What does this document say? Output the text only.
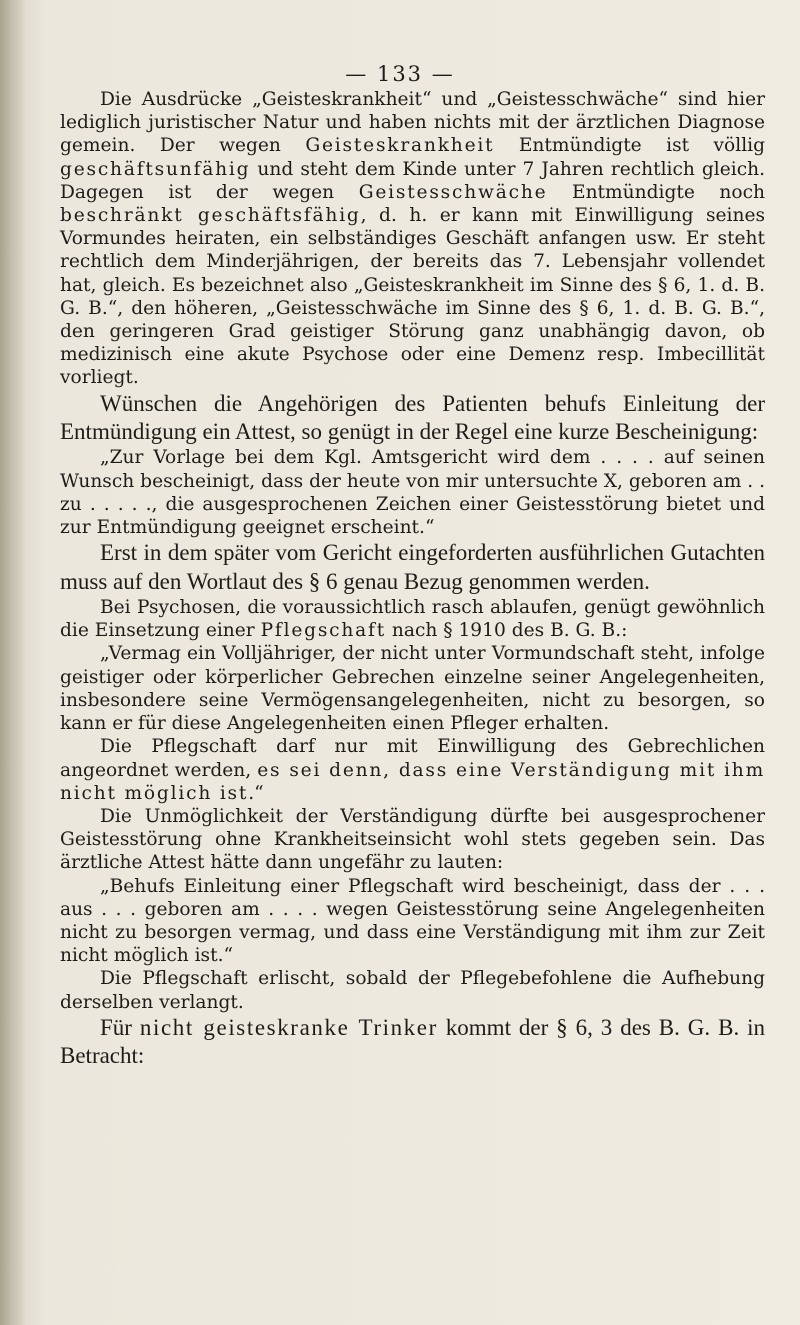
— 133 —

Die Ausdrücke „Geisteskrankheit“ und „Geistesschwäche“ sind hier lediglich juristischer Natur und haben nichts mit der ärztlichen Diagnose gemein. Der wegen Geisteskrankheit Entmündigte ist völlig geschäftsunfähig und steht dem Kinde unter 7 Jahren rechtlich gleich. Dagegen ist der wegen Geistesschwäche Entmündigte noch beschränkt geschäftsfähig, d. h. er kann mit Einwilligung seines Vormundes heiraten, ein selbständiges Geschäft anfangen usw. Er steht rechtlich dem Minderjährigen, der bereits das 7. Lebensjahr vollendet hat, gleich. Es bezeichnet also „Geisteskrankheit im Sinne des § 6, 1. d. B. G. B.“, den höheren, „Geistesschwäche im Sinne des § 6, 1. d. B. G. B.“, den geringeren Grad geistiger Störung ganz unabhängig davon, ob medizinisch eine akute Psychose oder eine Demenz resp. Imbecillität vorliegt.

Wünschen die Angehörigen des Patienten behufs Einleitung der Entmündigung ein Attest, so genügt in der Regel eine kurze Bescheinigung:

„Zur Vorlage bei dem Kgl. Amtsgericht wird dem . . . . auf seinen Wunsch bescheinigt, dass der heute von mir untersuchte X, geboren am . . zu . . . . ., die ausgesprochenen Zeichen einer Geistesstörung bietet und zur Entmündigung geeignet erscheint.“

Erst in dem später vom Gericht eingeforderten ausführlichen Gutachten muss auf den Wortlaut des § 6 genau Bezug genommen werden.

Bei Psychosen, die voraussichtlich rasch ablaufen, genügt gewöhnlich die Einsetzung einer Pflegschaft nach § 1910 des B. G. B.:

„Vermag ein Volljähriger, der nicht unter Vormundschaft steht, infolge geistiger oder körperlicher Gebrechen einzelne seiner Angelegenheiten, insbesondere seine Vermögensangelegenheiten, nicht zu besorgen, so kann er für diese Angelegenheiten einen Pfleger erhalten.

Die Pflegschaft darf nur mit Einwilligung des Gebrechlichen angeordnet werden, es sei denn, dass eine Verständigung mit ihm nicht möglich ist.“

Die Unmöglichkeit der Verständigung dürfte bei ausgesprochener Geistesstörung ohne Krankheitseinsicht wohl stets gegeben sein. Das ärztliche Attest hätte dann ungefähr zu lauten:

„Behufs Einleitung einer Pflegschaft wird bescheinigt, dass der . . . aus . . . geboren am . . . . wegen Geistesstörung seine Angelegenheiten nicht zu besorgen vermag, und dass eine Verständigung mit ihm zur Zeit nicht möglich ist.“

Die Pflegschaft erlischt, sobald der Pflegebefohlene die Aufhebung derselben verlangt.

Für nicht geisteskranke Trinker kommt der § 6, 3 des B. G. B. in Betracht:
